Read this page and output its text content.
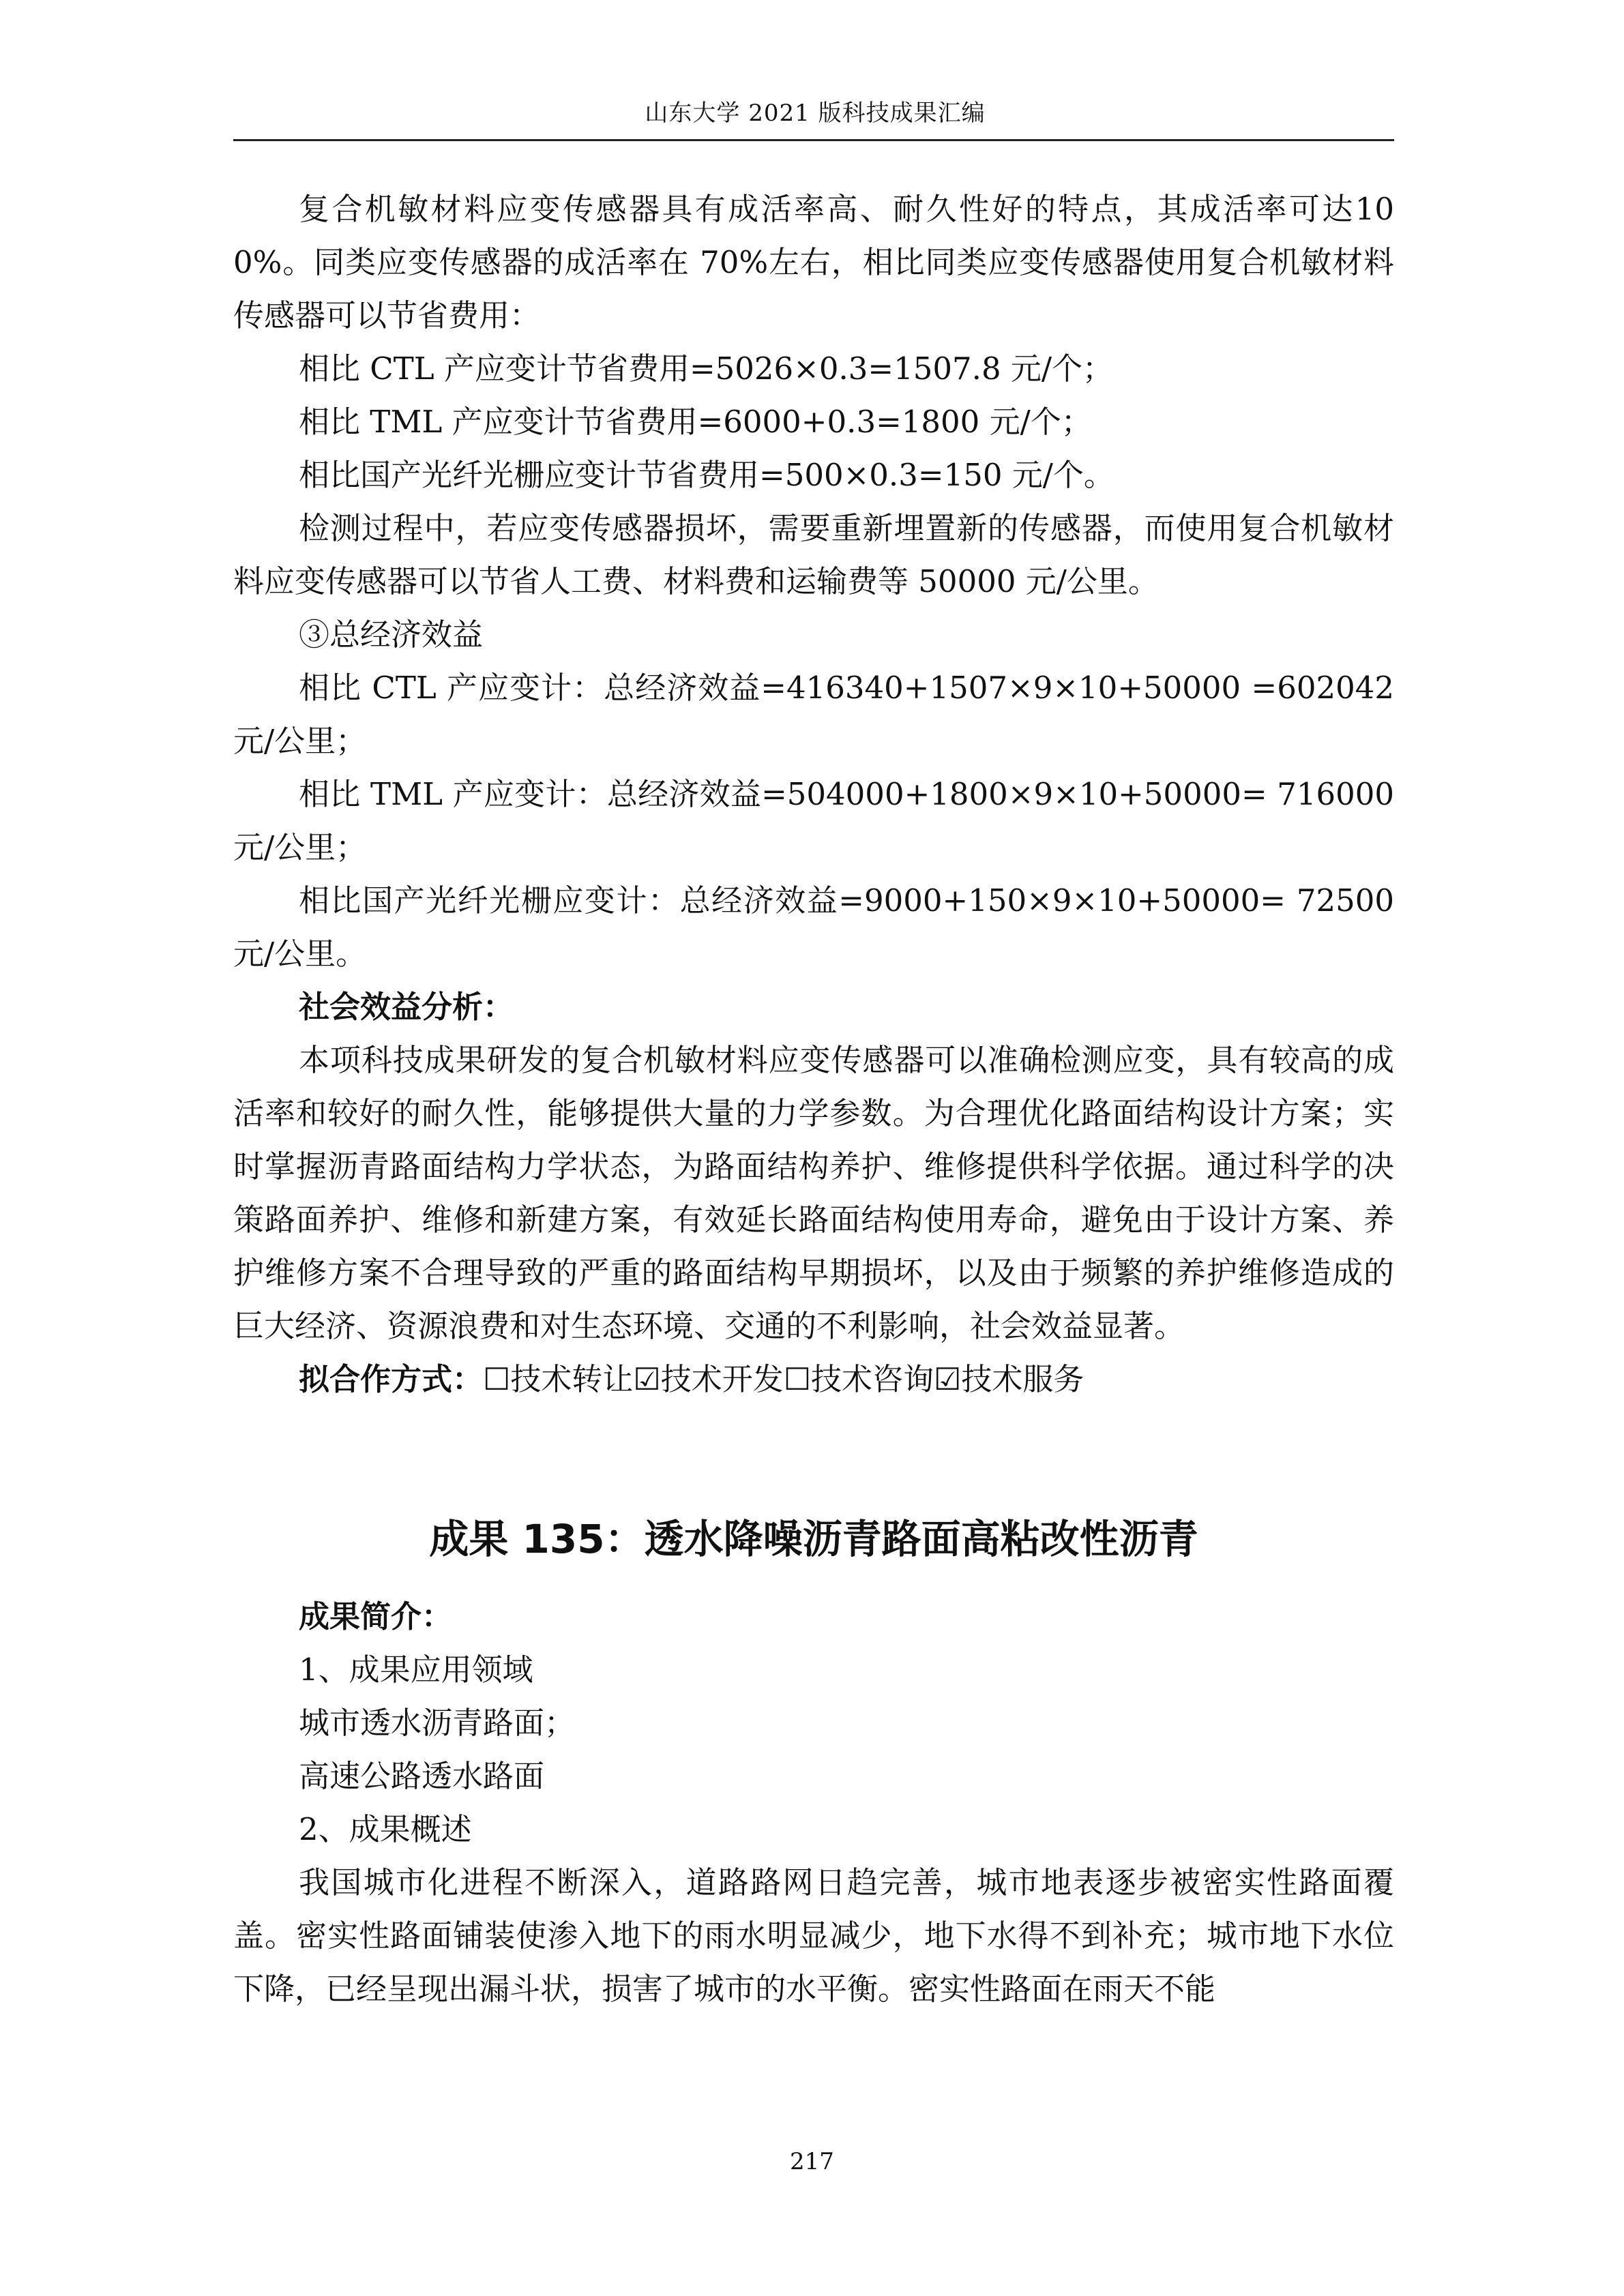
山东大学 2021 版科技成果汇编

复合机敏材料应变传感器具有成活率高、耐久性好的特点，其成活率可达100%。同类应变传感器的成活率在 70%左右，相比同类应变传感器使用复合机敏材料传感器可以节省费用：

相比 CTL 产应变计节省费用=5026×0.3=1507.8 元/个；

相比 TML 产应变计节省费用=6000+0.3=1800 元/个；

相比国产光纤光栅应变计节省费用=500×0.3=150 元/个。

检测过程中，若应变传感器损坏，需要重新埋置新的传感器，而使用复合机敏材料应变传感器可以节省人工费、材料费和运输费等 50000 元/公里。

③总经济效益

相比 CTL 产应变计：总经济效益=416340+1507×9×10+50000 =602042 元/公里；

相比 TML 产应变计：总经济效益=504000+1800×9×10+50000= 716000 元/公里；

相比国产光纤光栅应变计：总经济效益=9000+150×9×10+50000= 72500 元/公里。

社会效益分析：

本项科技成果研发的复合机敏材料应变传感器可以准确检测应变，具有较高的成活率和较好的耐久性，能够提供大量的力学参数。为合理优化路面结构设计方案；实时掌握沥青路面结构力学状态，为路面结构养护、维修提供科学依据。通过科学的决策路面养护、维修和新建方案，有效延长路面结构使用寿命，避免由于设计方案、养护维修方案不合理导致的严重的路面结构早期损坏，以及由于频繁的养护维修造成的巨大经济、资源浪费和对生态环境、交通的不利影响，社会效益显著。

拟合作方式：☐技术转让☑技术开发☐技术咨询☑技术服务

成果 135：透水降噪沥青路面高粘改性沥青

成果简介：

1、成果应用领域

城市透水沥青路面；

高速公路透水路面

2、成果概述

我国城市化进程不断深入，道路路网日趋完善，城市地表逐步被密实性路面覆盖。密实性路面铺装使渗入地下的雨水明显减少，地下水得不到补充；城市地下水位下降，已经呈现出漏斗状，损害了城市的水平衡。密实性路面在雨天不能

217
